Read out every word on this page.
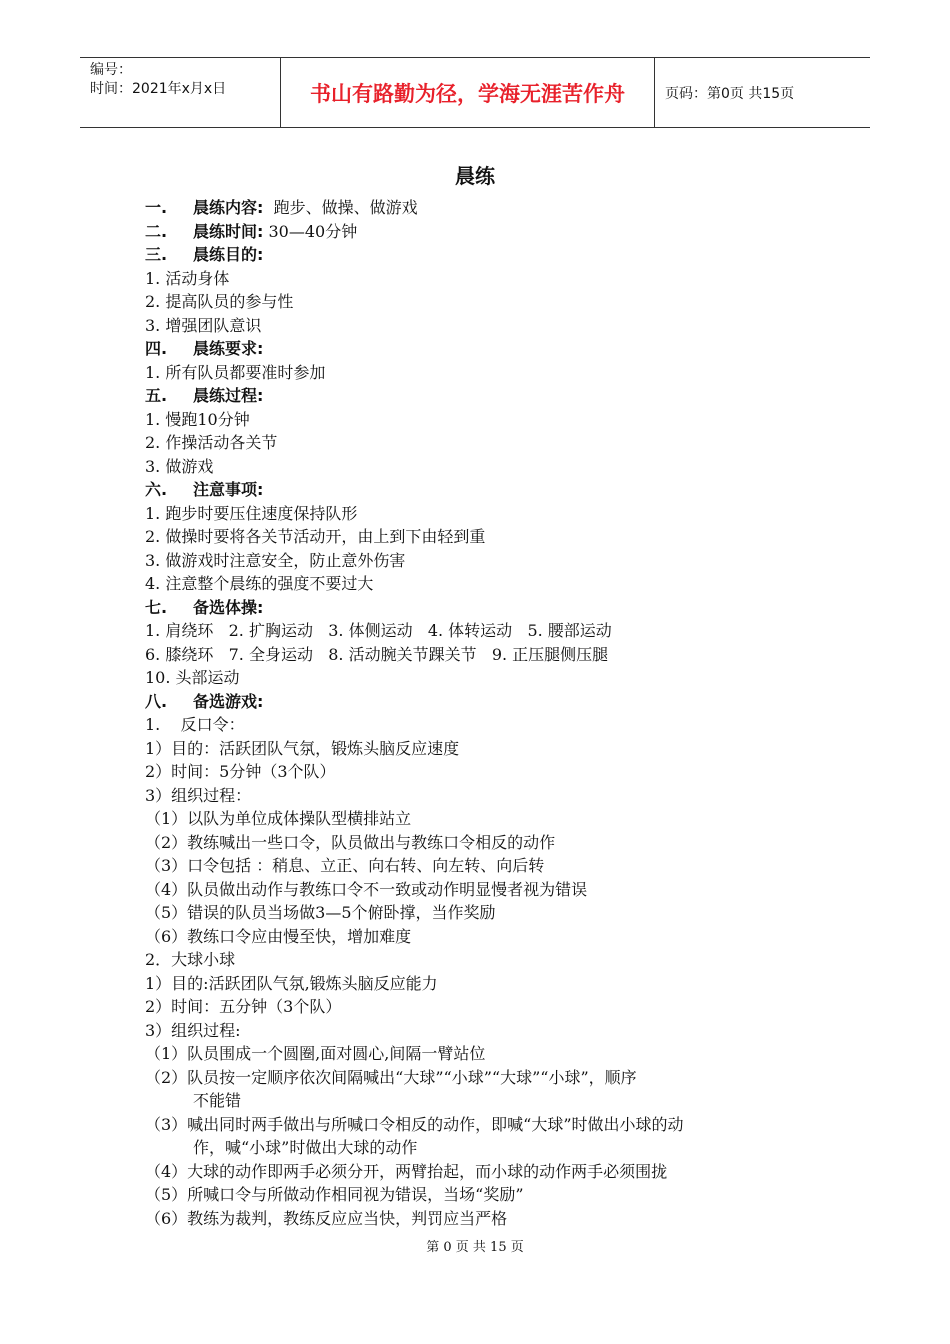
编号：
时间：2021年x月x日	书山有路勤为径，学海无涯苦作舟	页码：第0页 共15页
晨练
一. 晨练内容:  跑步、做操、做游戏
二. 晨练时间: 30—40分钟
三. 晨练目的:
1. 活动身体
2. 提高队员的参与性
3. 增强团队意识
四. 晨练要求:
1. 所有队员都要准时参加
五. 晨练过程:
1. 慢跑10分钟
2. 作操活动各关节
3. 做游戏
六. 注意事项:
1. 跑步时要压住速度保持队形
2. 做操时要将各关节活动开，由上到下由轻到重
3. 做游戏时注意安全，防止意外伤害
4. 注意整个晨练的强度不要过大
七. 备选体操:
1. 肩绕环   2. 扩胸运动   3. 体侧运动   4. 体转运动   5. 腰部运动
6. 膝绕环   7. 全身运动   8. 活动腕关节踝关节   9. 正压腿侧压腿
10. 头部运动
八. 备选游戏:
1.    反口令：
1）目的：活跃团队气氛，锻炼头脑反应速度
2）时间：5分钟（3个队）
3）组织过程：
（1）以队为单位成体操队型横排站立
（2）教练喊出一些口令，队员做出与教练口令相反的动作
（3）口令包括 ：稍息、立正、向右转、向左转、向后转
（4）队员做出动作与教练口令不一致或动作明显慢者视为错误
（5）错误的队员当场做3—5个俯卧撑，当作奖励
（6）教练口令应由慢至快，增加难度
2．大球小球
1）目的:活跃团队气氛,锻炼头脑反应能力
2）时间：五分钟（3个队）
3）组织过程:
（1）队员围成一个圆圈,面对圆心,间隔一臂站位
（2）队员按一定顺序依次间隔喊出“大球”“小球”“大球”“小球”，顺序
不能错
（3）喊出同时两手做出与所喊口令相反的动作，即喊“大球”时做出小球的动
作，喊“小球”时做出大球的动作
（4）大球的动作即两手必须分开，两臂抬起，而小球的动作两手必须围拢
（5）所喊口令与所做动作相同视为错误，当场“奖励”
（6）教练为裁判，教练反应应当快，判罚应当严格
第 0 页 共 15 页
